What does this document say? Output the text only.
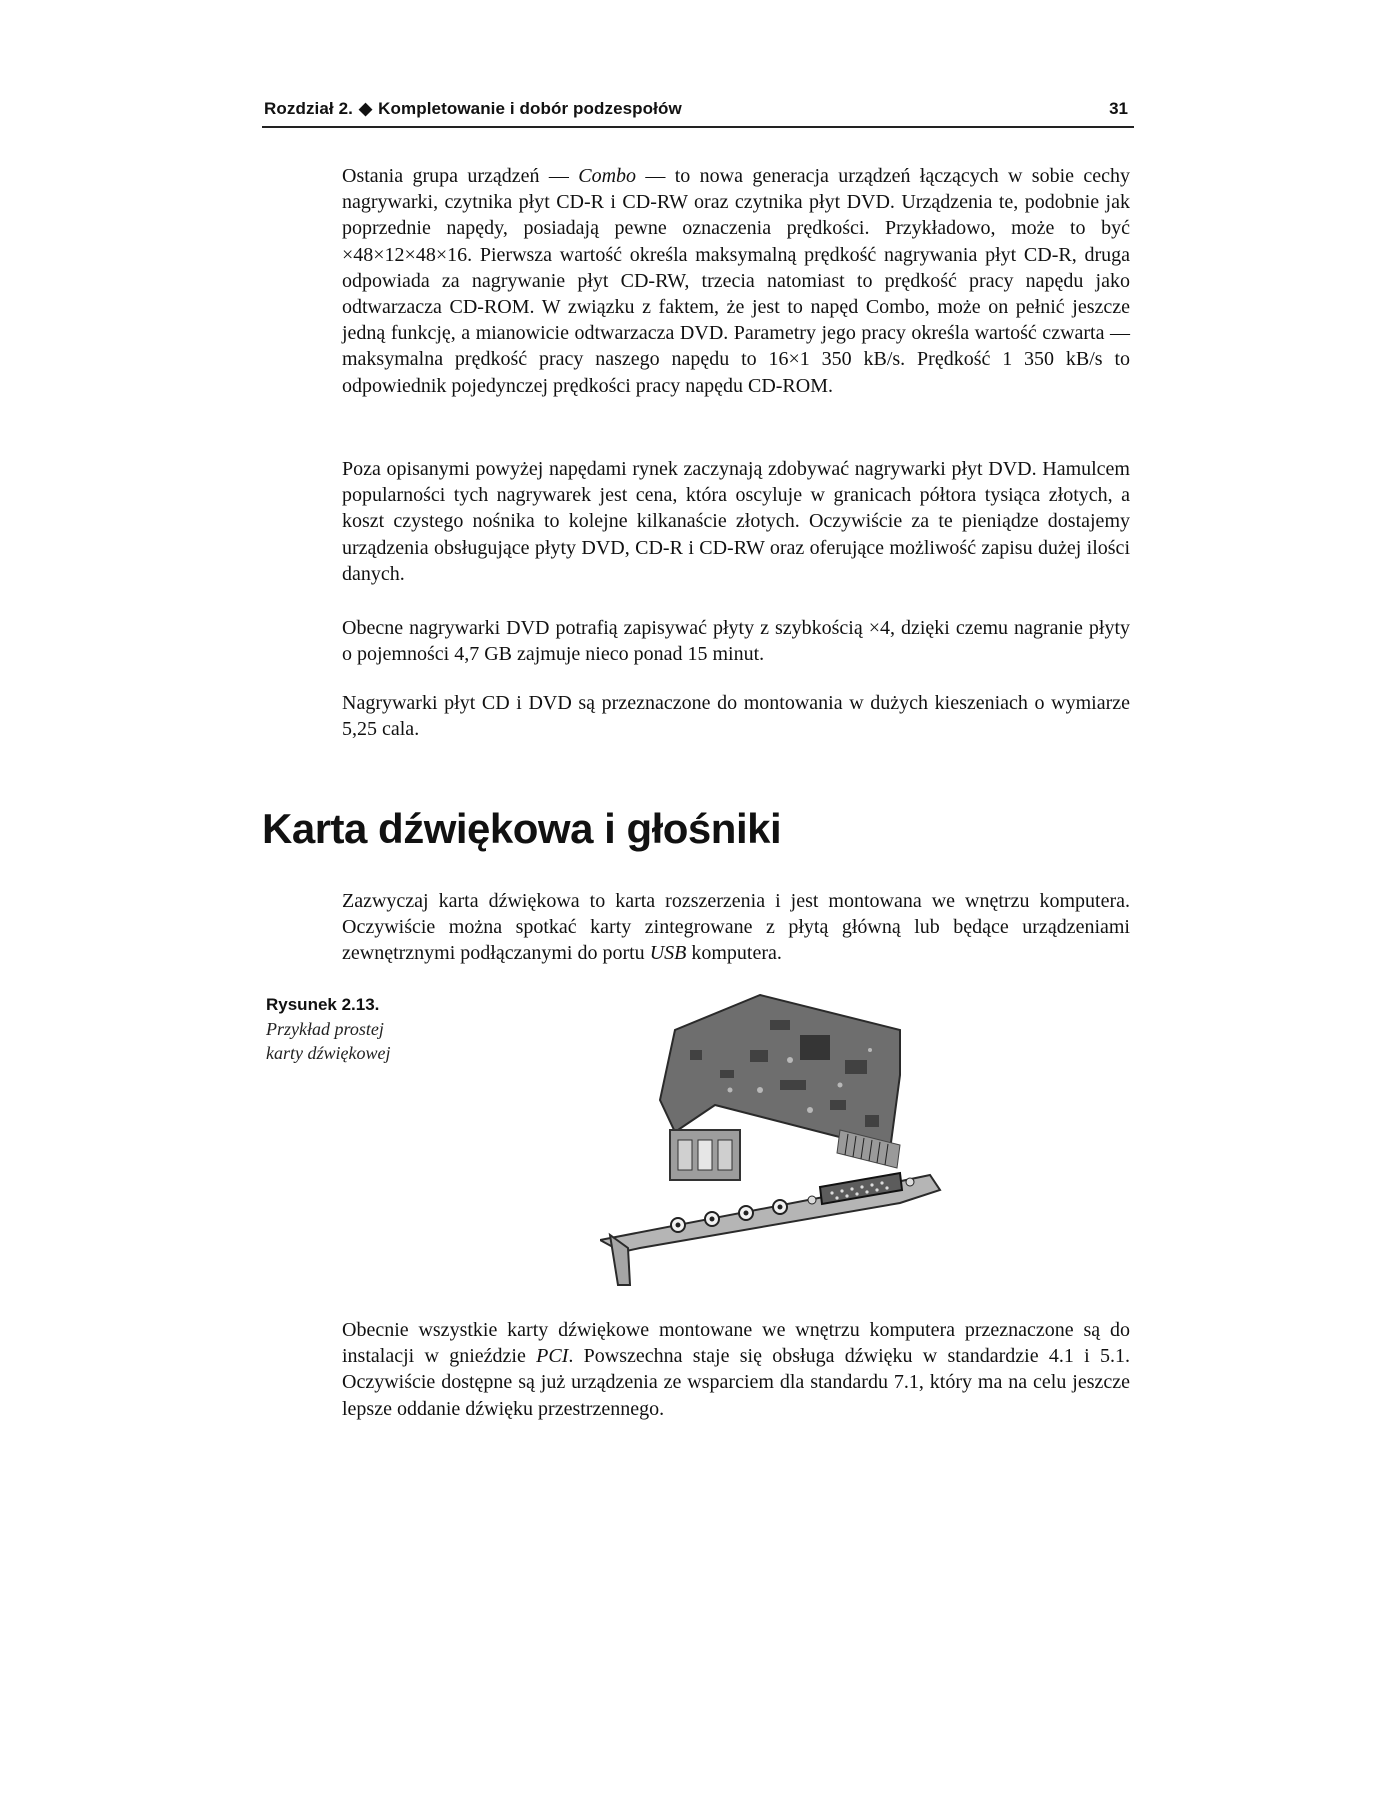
Rozdział 2. ◆ Kompletowanie i dobór podzespołów	31

Ostania grupa urządzeń — Combo — to nowa generacja urządzeń łączących w sobie cechy nagrywarki, czytnika płyt CD-R i CD-RW oraz czytnika płyt DVD. Urządzenia te, podobnie jak poprzednie napędy, posiadają pewne oznaczenia prędkości. Przykładowo, może to być ×48×12×48×16. Pierwsza wartość określa maksymalną prędkość nagrywania płyt CD-R, druga odpowiada za nagrywanie płyt CD-RW, trzecia natomiast to prędkość pracy napędu jako odtwarzacza CD-ROM. W związku z faktem, że jest to napęd Combo, może on pełnić jeszcze jedną funkcję, a mianowicie odtwarzacza DVD. Parametry jego pracy określa wartość czwarta — maksymalna prędkość pracy naszego napędu to 16×1 350 kB/s. Prędkość 1 350 kB/s to odpowiednik pojedynczej prędkości pracy napędu CD-ROM.

Poza opisanymi powyżej napędami rynek zaczynają zdobywać nagrywarki płyt DVD. Hamulcem popularności tych nagrywarek jest cena, która oscyluje w granicach półtora tysiąca złotych, a koszt czystego nośnika to kolejne kilkanaście złotych. Oczywiście za te pieniądze dostajemy urządzenia obsługujące płyty DVD, CD-R i CD-RW oraz oferujące możliwość zapisu dużej ilości danych.

Obecne nagrywarki DVD potrafią zapisywać płyty z szybkością ×4, dzięki czemu nagranie płyty o pojemności 4,7 GB zajmuje nieco ponad 15 minut.

Nagrywarki płyt CD i DVD są przeznaczone do montowania w dużych kieszeniach o wymiarze 5,25 cala.

Karta dźwiękowa i głośniki

Zazwyczaj karta dźwiękowa to karta rozszerzenia i jest montowana we wnętrzu komputera. Oczywiście można spotkać karty zintegrowane z płytą główną lub będące urządzeniami zewnętrznymi podłączanymi do portu USB komputera.

Rysunek 2.13.
Przykład prostej
karty dźwiękowej

Obecnie wszystkie karty dźwiękowe montowane we wnętrzu komputera przeznaczone są do instalacji w gnieździe PCI. Powszechna staje się obsługa dźwięku w standardzie 4.1 i 5.1. Oczywiście dostępne są już urządzenia ze wsparciem dla standardu 7.1, który ma na celu jeszcze lepsze oddanie dźwięku przestrzennego.
